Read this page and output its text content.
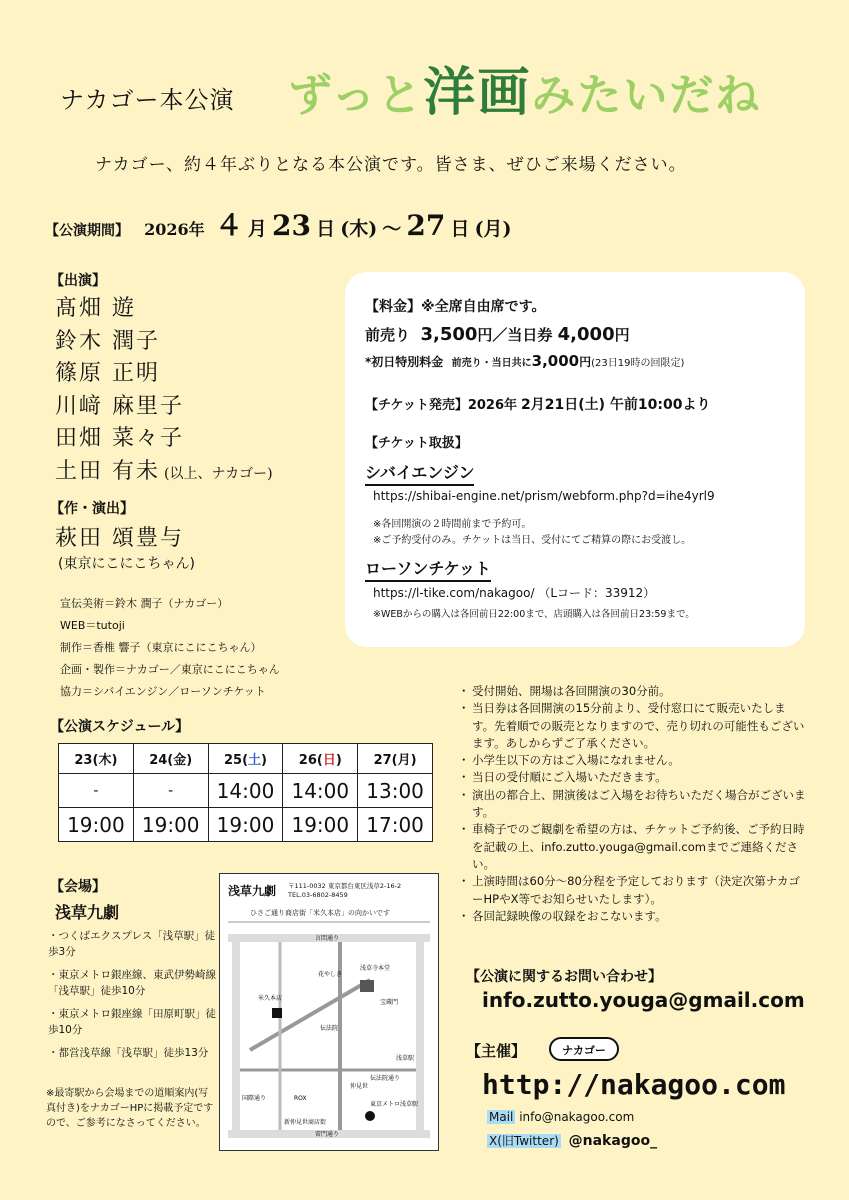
ナカゴー本公演 ずっと洋画みたいだね
ナカゴー、約４年ぶりとなる本公演です。皆さま、ぜひご来場ください。
【公演期間】 2026年 ４ 月 23 日 (木) ～ 27 日 (月)
【出演】
髙畑 遊
鈴木 潤子
篠原 正明
川﨑 麻里子
田畑 菜々子
土田 有未 (以上、ナカゴー)
【作・演出】
萩田 頌豊与
(東京にこにこちゃん)
宣伝美術＝鈴木 潤子（ナカゴー）
WEB＝tutoji
制作＝香椎 響子（東京にこにこちゃん）
企画・製作＝ナカゴー／東京にこにこちゃん
協力＝シバイエンジン／ローソンチケット
【料金】※全席自由席です。
前売り 3,500円／当日券 4,000円
*初日特別料金 前売り・当日共に3,000円(23日19時の回限定)
【チケット発売】2026年 2月21日(土) 午前10:00より
【チケット取扱】
シバイエンジン
https://shibai-engine.net/prism/webform.php?d=ihe4yrl9
※各回開演の２時間前まで予約可。
※ご予約受付のみ。チケットは当日、受付にてご精算の際にお受渡し。
ローソンチケット
https://l-tike.com/nakagoo/ （Lコード：33912）
※WEBからの購入は各回前日22:00まで、店頭購入は各回前日23:59まで。
【公演スケジュール】
23(木)	24(金)	25(土)	26(日)	27(月)
-	-	14:00	14:00	13:00
19:00	19:00	19:00	19:00	17:00
【会場】
浅草九劇
・つくばエクスプレス「浅草駅」徒歩3分
・東京メトロ銀座線、東武伊勢崎線「浅草駅」徒歩10分
・東京メトロ銀座線「田原町駅」徒歩10分
・都営浅草線「浅草駅」徒歩13分
※最寄駅から会場までの道順案内(写真付き)をナカゴーHPに掲載予定ですので、ご参考になさってください。
浅草九劇 〒111-0032 東京都台東区浅草2-16-2
TEL.03-6802-8459
ひさご通り商店街「米久本店」の向かいです
言問通り
雷門通り
国際通り
浅草駅
米久本店
花やしき
浅草寺本堂
宝蔵門
伝法院
仲見世
ROX
新仲見世商店街
伝法院通り
東京メトロ浅草駅
・ 受付開始、開場は各回開演の30分前。
・ 当日券は各回開演の15分前より、受付窓口にて販売いたします。先着順での販売となりますので、売り切れの可能性もございます。あしからずご了承ください。
・ 小学生以下の方はご入場になれません。
・ 当日の受付順にご入場いただきます。
・ 演出の都合上、開演後はご入場をお待ちいただく場合がございます。
・ 車椅子でのご観劇を希望の方は、チケットご予約後、ご予約日時を記載の上、info.zutto.youga@gmail.comまでご連絡ください。
・ 上演時間は60分～80分程を予定しております（決定次第ナカゴーHPやX等でお知らせいたします）。
・ 各回記録映像の収録をおこないます。
【公演に関するお問い合わせ】
info.zutto.youga@gmail.com
【主催】	ナカゴー
http://nakagoo.com
Mail info@nakagoo.com
X(旧Twitter) @nakagoo_
